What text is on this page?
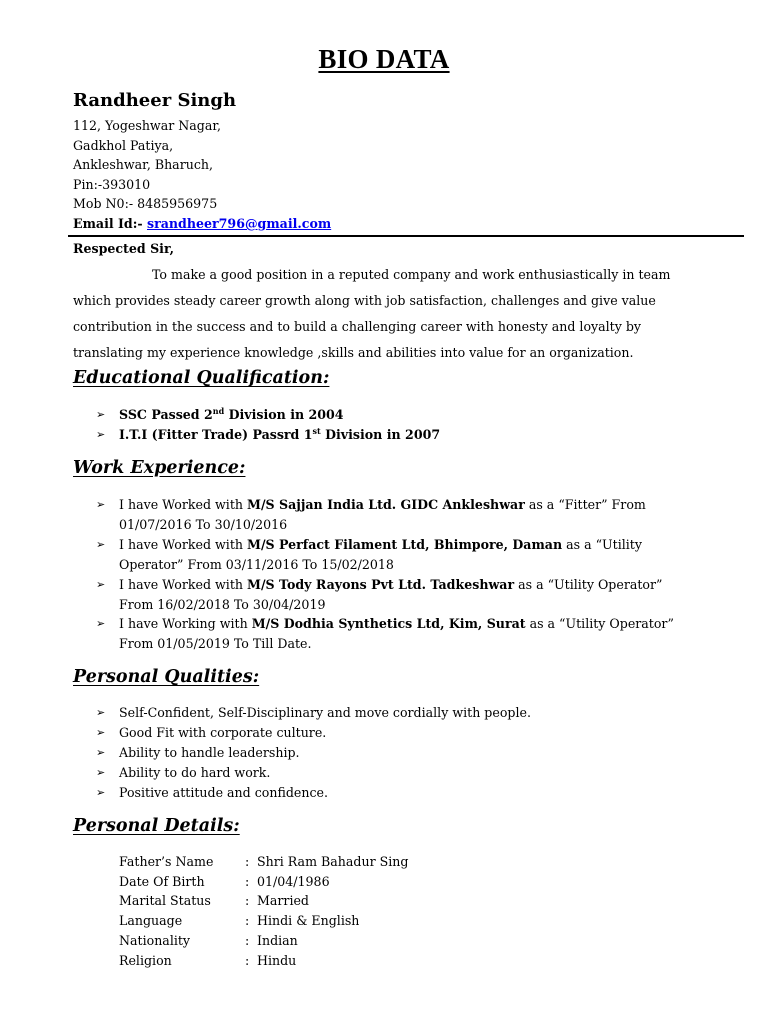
BIO DATA
Randheer Singh
112, Yogeshwar Nagar,
Gadkhol Patiya,
Ankleshwar, Bharuch,
Pin:-393010
Mob N0:- 8485956975
Email Id:- srandheer796@gmail.com
Respected Sir,
To make a good position in a reputed company and work enthusiastically in team which provides steady career growth along with job satisfaction, challenges and give value contribution in the success and to build a challenging career with honesty and loyalty by translating my experience knowledge ,skills and abilities into value for an organization.
Educational Qualification:
➢ SSC Passed 2nd Division in 2004
➢ I.T.I (Fitter Trade) Passrd 1st Division in 2007
Work Experience:
➢ I have Worked with M/S Sajjan India Ltd. GIDC Ankleshwar as a “Fitter” From 01/07/2016 To 30/10/2016
➢ I have Worked with M/S Perfact Filament Ltd, Bhimpore, Daman as a “Utility Operator” From 03/11/2016 To 15/02/2018
➢ I have Worked with M/S Tody Rayons Pvt Ltd. Tadkeshwar as a “Utility Operator” From 16/02/2018 To 30/04/2019
➢ I have Working with M/S Dodhia Synthetics Ltd, Kim, Surat as a “Utility Operator” From 01/05/2019 To Till Date.
Personal Qualities:
➢ Self-Confident, Self-Disciplinary and move cordially with people.
➢ Good Fit with corporate culture.
➢ Ability to handle leadership.
➢ Ability to do hard work.
➢ Positive attitude and confidence.
Personal Details:
Father’s Name	: Shri Ram Bahadur Sing
Date Of Birth	: 01/04/1986
Marital Status	: Married
Language	: Hindi & English
Nationality	: Indian
Religion	: Hindu
